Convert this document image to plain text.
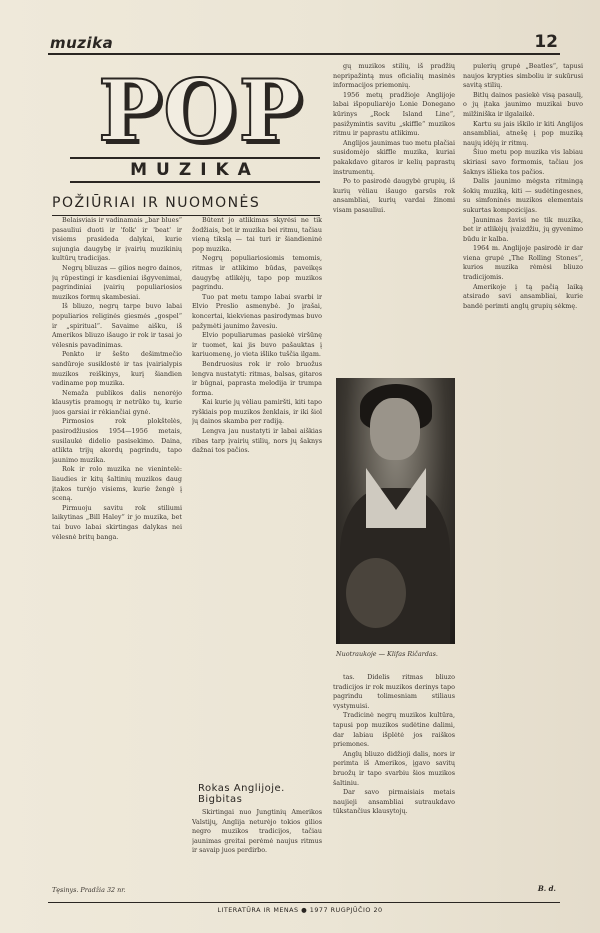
muzika	12
POP
MUZIKA
POŽIŪRIAI IR NUOMONĖS

Belaisviais ir vadinamais „bar blues“ pasauliui duoti ir 'folk' ir 'beat' ir visiems prasideda dalykai, kurie sujungia daugybę ir įvairių muzikinių kultūrų tradicijas.

Negrų bliuzas — gilios negro dainos, jų rūpestingi ir kasdieniai išgyvenimai, pagrindiniai įvairių populiariosios muzikos formų skambesiai.

Iš bliuzo, negrų tarpe buvo labai populiarios religinės giesmės „gospel“ ir „spiritual“. Savaime aišku, iš Amerikos bliuzo išaugo ir rok ir tasai jo vėlesnis pavadinimas.

Penkto ir šešto dešimtmečio sandūroje susiklostė ir tas įvairialypis muzikos reiškinys, kurį šiandien vadiname pop muzika.

Nemaža publikos dalis nenorėjo klausytis pramogų ir netrūko tų, kurie juos garsiai ir rėkiančiai gynė.

Pirmosios rok plokštelės, pasirodžiusios 1954—1956 metais, susilaukė didelio pasisekimo. Daina, atlikta trijų akordų pagrindu, tapo jaunimo muzika.

Rok ir rolo muzika ne vienintelė: liaudies ir kitų šaltinių muzikos daug įtakos turėjo visiems, kurie žengė į sceną.

Pirmuoju savitu rok stiliumi laikytinas „Bill Haley“ ir jo muzika, bet tai buvo labai skirtingas dalykas nei vėlesnė britų banga.

Būtent jo atlikimas skyrėsi ne tik žodžiais, bet ir muzika bei ritmu, tačiau vieną tikslą — tai turi ir šiandieninė pop muzika.

Negrų populiariosiomis temomis, ritmas ir atlikimo būdas, paveikęs daugybę atlikėjų, tapo pop muzikos pagrindu.

Tuo pat metu tampo labai svarbi ir Elvio Preslio asmenybė. Jo įrašai, koncertai, kiekvienas pasirodymas buvo pažymėti jaunimo žavesiu.

Elvio populiarumas pasiekė viršūnę ir tuomet, kai jis buvo pašauktas į kariuomenę, jo vieta išliko tuščia ilgam.

Bendruosius rok ir rolo bruožus lengva nustatyti: ritmas, balsas, gitaros ir būgnai, paprasta melodija ir trumpa forma.

Kai kurie jų vėliau pamiršti, kiti tapo ryškiais pop muzikos ženklais, ir iki šiol jų dainos skamba per radiją.

Lengva jau nustatyti ir labai aiškias ribas tarp įvairių stilių, nors jų šaknys dažnai tos pačios.

Rokas Anglijoje. Bigbitas

Skirtingai nuo Jungtinių Amerikos Valstijų, Anglija neturėjo tokios gilios negro muzikos tradicijos, tačiau jaunimas greitai perėmė naujus ritmus ir savaip juos perdirbo.

gų muzikos stilių, iš pradžių nepripažintą mus oficialių masinės informacijos priemonių.

1956 metų pradžioje Anglijoje labai išpopuliarėjo Lonie Donegano kūrinys „Rock Island Line“, pasižymintis savitu „skiffle“ muzikos ritmu ir paprastu atlikimu.

Anglijos jaunimas tuo metu plačiai susidomėjo skiffle muzika, kuriai pakakdavo gitaros ir kelių paprastų instrumentų.

Po to pasirodė daugybė grupių, iš kurių vėliau išaugo garsūs rok ansambliai, kurių vardai žinomi visam pasauliui.

Nuotraukoje — Klifas Ričardas.

tas. Didelis ritmas bliuzo tradicijos ir rok muzikos derinys tapo pagrindu tolimesniam stiliaus vystymuisi.

Tradicinė negrų muzikos kultūra, tapusi pop muzikos sudėtine dalimi, dar labiau išplėtė jos raiškos priemones.

Anglų bliuzo didžioji dalis, nors ir perimta iš Amerikos, įgavo savitų bruožų ir tapo svarbiu šios muzikos šaltiniu.

Dar savo pirmaisiais metais naujieji ansambliai sutraukdavo tūkstančius klausytojų.

pulerių grupė „Beatles“, tapusi naujos krypties simboliu ir sukūrusi savitą stilių.

Bitlų dainos pasiekė visą pasaulį, o jų įtaka jaunimo muzikai buvo milžiniška ir ilgalaikė.

Kartu su jais iškilo ir kiti Anglijos ansambliai, atnešę į pop muziką naujų idėjų ir ritmų.

Šiuo metu pop muzika vis labiau skiriasi savo formomis, tačiau jos šaknys išlieka tos pačios.

Dalis jaunimo mėgsta ritmingą šokių muziką, kiti — sudėtingesnes, su simfoninės muzikos elementais sukurtas kompozicijas.

Jaunimas žavisi ne tik muzika, bet ir atlikėjų įvaizdžiu, jų gyvenimo būdu ir kalba.

1964 m. Anglijoje pasirodė ir dar viena grupė „The Rolling Stones“, kurios muzika rėmėsi bliuzo tradicijomis.

Amerikoje į tą pačią laiką atsirado savi ansambliai, kurie bandė perimti anglų grupių sėkmę.

Tęsinys. Pradžia 32 nr.	B. d.
LITERATŪRA IR MENAS ● 1977 RUGPJŪČIO 20
